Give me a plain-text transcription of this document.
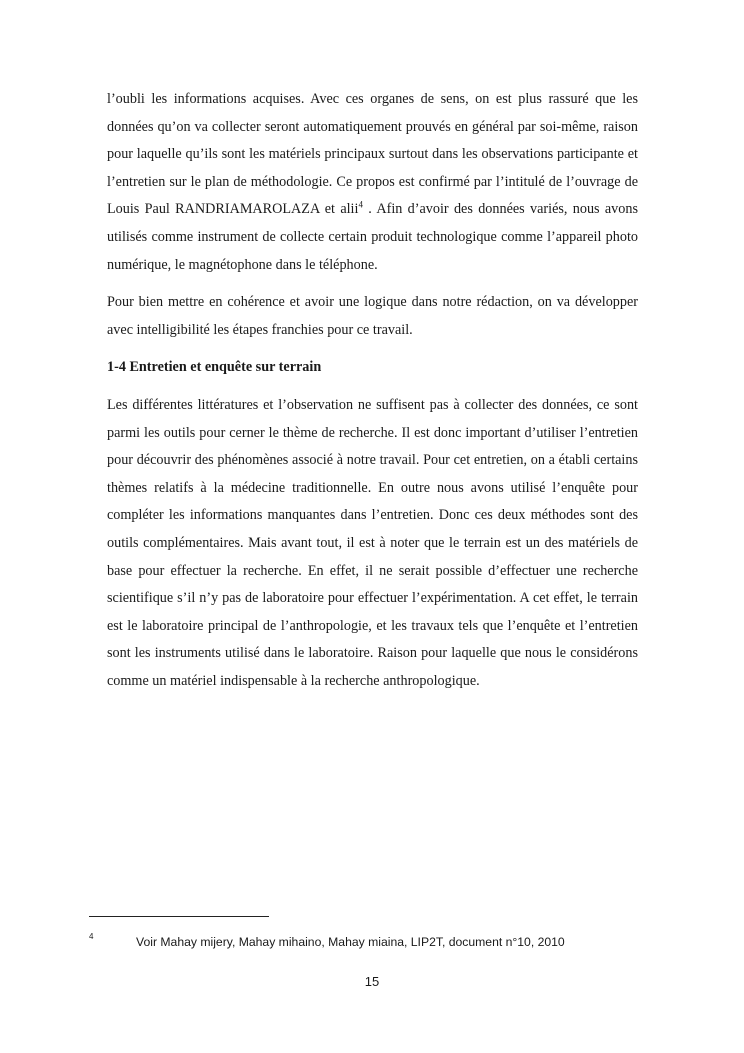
l’oubli les informations acquises. Avec ces organes de sens, on est plus rassuré que les données qu’on va collecter seront automatiquement prouvés en général par soi-même, raison pour laquelle qu’ils sont les matériels principaux surtout dans les observations participante et l’entretien sur le plan de méthodologie. Ce propos est confirmé par l’intitulé de l’ouvrage de Louis Paul RANDRIAMAROLAZA et alii$^4$ . Afin d’avoir des données variés, nous avons utilisés comme instrument de collecte certain produit technologique comme l’appareil photo numérique, le magnétophone dans le téléphone.

Pour bien mettre en cohérence et avoir une logique dans notre rédaction, on va développer avec intelligibilité les étapes franchies pour ce travail.

1-4 Entretien et enquête sur terrain

Les différentes littératures et l’observation ne suffisent pas à collecter des données, ce sont parmi les outils pour cerner le thème de recherche. Il est donc important d’utiliser l’entretien pour découvrir des phénomènes associé à notre travail. Pour cet entretien, on a établi certains thèmes relatifs à la médecine traditionnelle. En outre nous avons utilisé l’enquête pour compléter les informations manquantes dans l’entretien. Donc ces deux méthodes sont des outils complémentaires. Mais avant tout, il est à noter que le terrain est un des matériels de base pour effectuer la recherche. En effet, il ne serait possible d’effectuer une recherche scientifique s’il n’y pas de laboratoire pour effectuer l’expérimentation. A cet effet, le terrain est le laboratoire principal de l’anthropologie, et les travaux tels que l’enquête et l’entretien sont les instruments utilisé dans le laboratoire. Raison pour laquelle que nous le considérons comme un matériel indispensable à la recherche anthropologique.

4	Voir Mahay mijery, Mahay mihaino, Mahay miaina, LIP2T, document n°10, 2010
15
